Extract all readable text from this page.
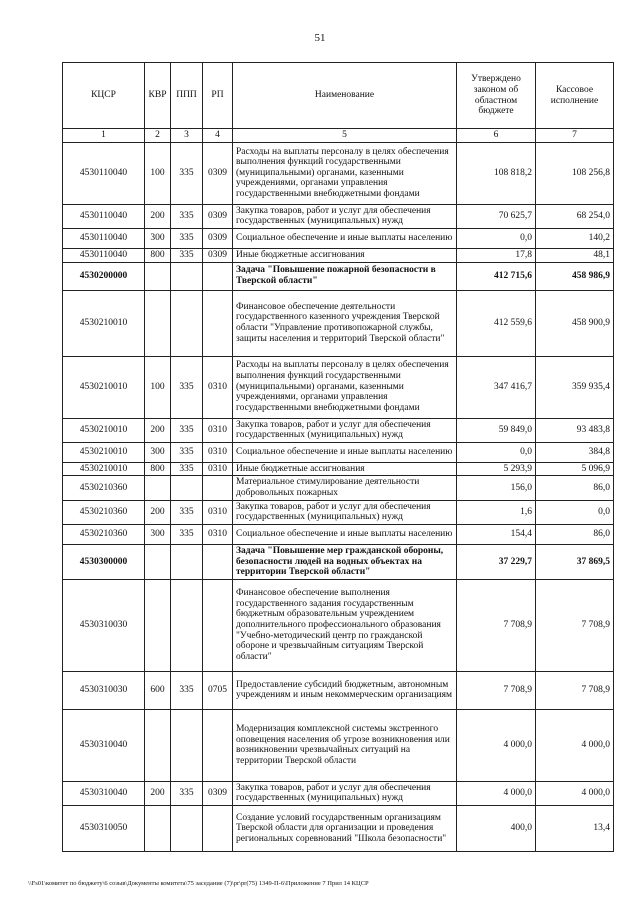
51
КЦСР	КВР	ППП	РП	Наименование	Утверждено законом об областном бюджете	Кассовое исполнение
1	2	3	4	5	6	7
4530110040	100	335	0309	Расходы на выплаты персоналу в целях обеспечения выполнения функций государственными (муниципальными) органами, казенными учреждениями, органами управления государственными внебюджетными фондами	108 818,2	108 256,8
4530110040	200	335	0309	Закупка товаров, работ и услуг для обеспечения государственных (муниципальных) нужд	70 625,7	68 254,0
4530110040	300	335	0309	Социальное обеспечение и иные выплаты населению	0,0	140,2
4530110040	800	335	0309	Иные бюджетные ассигнования	17,8	48,1
4530200000				Задача "Повышение пожарной безопасности в Тверской области"	412 715,6	458 986,9
4530210010				Финансовое обеспечение деятельности государственного казенного учреждения Тверской области "Управление противопожарной службы, защиты населения и территорий Тверской области"	412 559,6	458 900,9
4530210010	100	335	0310	Расходы на выплаты персоналу в целях обеспечения выполнения функций государственными (муниципальными) органами, казенными учреждениями, органами управления государственными внебюджетными фондами	347 416,7	359 935,4
4530210010	200	335	0310	Закупка товаров, работ и услуг для обеспечения государственных (муниципальных) нужд	59 849,0	93 483,8
4530210010	300	335	0310	Социальное обеспечение и иные выплаты населению	0,0	384,8
4530210010	800	335	0310	Иные бюджетные ассигнования	5 293,9	5 096,9
4530210360				Материальное стимулирование деятельности добровольных пожарных	156,0	86,0
4530210360	200	335	0310	Закупка товаров, работ и услуг для обеспечения государственных (муниципальных) нужд	1,6	0,0
4530210360	300	335	0310	Социальное обеспечение и иные выплаты населению	154,4	86,0
4530300000				Задача "Повышение мер гражданской обороны, безопасности людей на водных объектах на территории Тверской области"	37 229,7	37 869,5
4530310030				Финансовое обеспечение выполнения государственного задания государственным бюджетным образовательным учреждением дополнительного профессионального образования "Учебно-методический центр по гражданской обороне и чрезвычайным ситуациям Тверской области"	7 708,9	7 708,9
4530310030	600	335	0705	Предоставление субсидий бюджетным, автономным учреждениям и иным некоммерческим организациям	7 708,9	7 708,9
4530310040				Модернизация комплексной системы экстренного оповещения населения об угрозе возникновения или возникновении чрезвычайных ситуаций на территории Тверской области	4 000,0	4 000,0
4530310040	200	335	0309	Закупка товаров, работ и услуг для обеспечения государственных (муниципальных) нужд	4 000,0	4 000,0
4530310050				Создание условий государственным организациям Тверской области для организации и проведения региональных соревнований "Школа безопасности"	400,0	13,4
\\Fs01\комитет по бюджету\6 созыв\Документы комитета\75 заседание (7)\pr\pr(75) 1349-П-6\Приложение 7 Прил 14 КЦСР
